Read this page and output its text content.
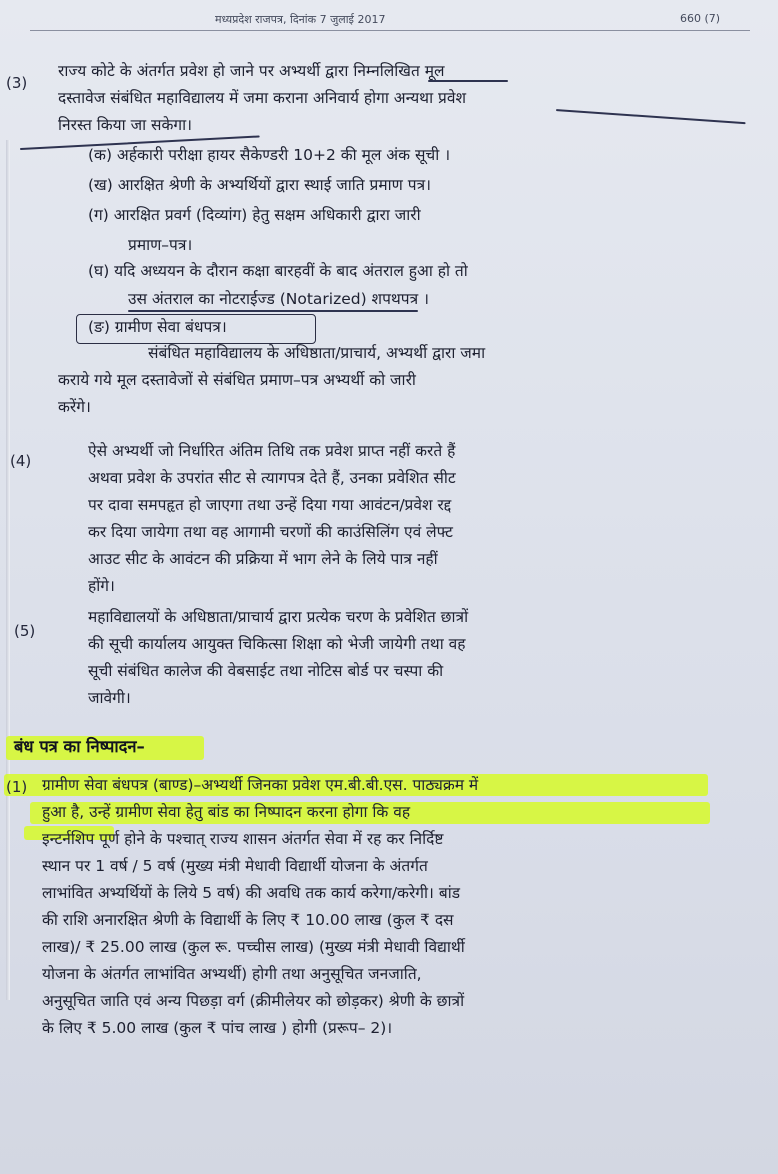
मध्यप्रदेश राजपत्र, दिनांक 7 जुलाई 2017	660 (7)
(3)
राज्य कोटे के अंतर्गत प्रवेश हो जाने पर अभ्यर्थी द्वारा निम्नलिखित मूल
दस्तावेज संबंधित महाविद्यालय में जमा कराना अनिवार्य होगा अन्यथा प्रवेश
निरस्त किया जा सकेगा।
(क) अर्हकारी परीक्षा हायर सैकेण्डरी 10+2 की मूल अंक सूची ।
(ख) आरक्षित श्रेणी के अभ्यर्थियों द्वारा स्थाई जाति प्रमाण पत्र।
(ग) आरक्षित प्रवर्ग (दिव्यांग) हेतु सक्षम अधिकारी द्वारा जारी
प्रमाण–पत्र।
(घ) यदि अध्ययन के दौरान कक्षा बारहवीं के बाद अंतराल हुआ हो तो
उस अंतराल का नोटराईज्ड (Notarized) शपथपत्र ।
(ङ) ग्रामीण सेवा बंधपत्र।
संबंधित महाविद्यालय के अधिष्ठाता/प्राचार्य, अभ्यर्थी द्वारा जमा
कराये गये मूल दस्तावेजों से संबंधित प्रमाण–पत्र अभ्यर्थी को जारी
करेंगे।
(4)
ऐसे अभ्यर्थी जो निर्धारित अंतिम तिथि तक प्रवेश प्राप्त नहीं करते हैं
अथवा प्रवेश के उपरांत सीट से त्यागपत्र देते हैं, उनका प्रवेशित सीट
पर दावा समपहृत हो जाएगा तथा उन्हें दिया गया आवंटन/प्रवेश रद्द
कर दिया जायेगा तथा वह आगामी चरणों की काउंसिलिंग एवं लेफ्ट
आउट सीट के आवंटन की प्रक्रिया में भाग लेने के लिये पात्र नहीं
होंगे।
(5)
महाविद्यालयों के अधिष्ठाता/प्राचार्य द्वारा प्रत्येक चरण के प्रवेशित छात्रों
की सूची कार्यालय आयुक्त चिकित्सा शिक्षा को भेजी जायेगी तथा वह
सूची संबंधित कालेज की वेबसाईट तथा नोटिस बोर्ड पर चस्पा की
जावेगी।
बंध पत्र का निष्पादन–
(1) ग्रामीण सेवा बंधपत्र (बाण्ड)–अभ्यर्थी जिनका प्रवेश एम.बी.बी.एस. पाठ्यक्रम में
हुआ है, उन्हें ग्रामीण सेवा हेतु बांड का निष्पादन करना होगा कि वह
इन्टर्नशिप पूर्ण होने के पश्चात् राज्य शासन अंतर्गत सेवा में रह कर निर्दिष्ट
स्थान पर 1 वर्ष / 5 वर्ष (मुख्य मंत्री मेधावी विद्यार्थी योजना के अंतर्गत
लाभांवित अभ्यर्थियों के लिये 5 वर्ष) की अवधि तक कार्य करेगा/करेगी। बांड
की राशि अनारक्षित श्रेणी के विद्यार्थी के लिए ₹ 10.00 लाख (कुल ₹ दस
लाख)/ ₹ 25.00 लाख (कुल रू. पच्चीस लाख) (मुख्य मंत्री मेधावी विद्यार्थी
योजना के अंतर्गत लाभांवित अभ्यर्थी) होगी तथा अनुसूचित जनजाति,
अनुसूचित जाति एवं अन्य पिछड़ा वर्ग (क्रीमीलेयर को छोड़कर) श्रेणी के छात्रों
के लिए ₹ 5.00 लाख (कुल ₹ पांच लाख ) होगी (प्ररूप– 2)।
